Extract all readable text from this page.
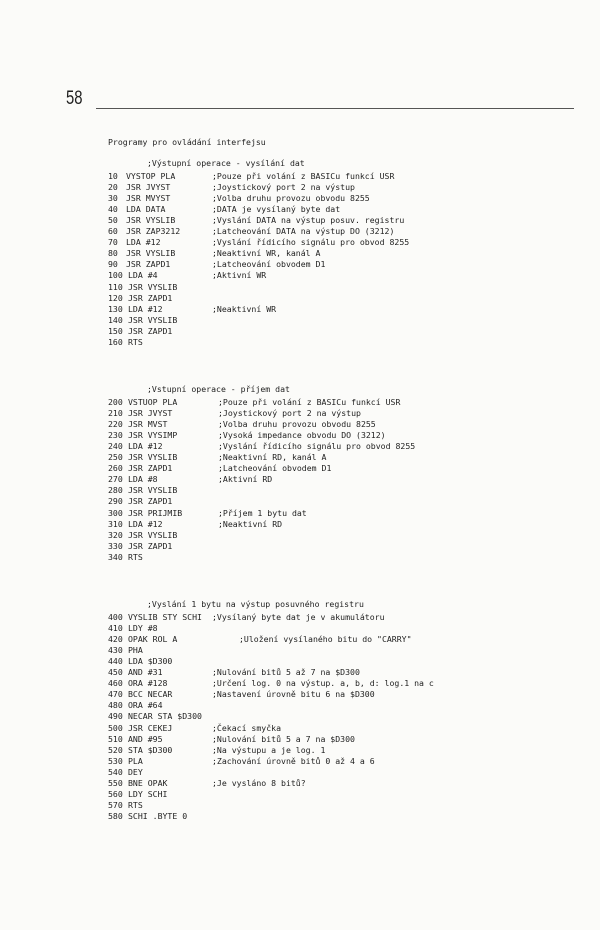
58
Programy pro ovládání interfejsu
;Výstupní operace - vysílání dat
10 VYSTOP PLA	;Pouze při volání z BASICu funkcí USR
20 JSR JVYST	;Joystickový port 2 na výstup
30 JSR MVYST	;Volba druhu provozu obvodu 8255
40 LDA DATA	;DATA je vysílaný byte dat
50 JSR VYSLIB	;Vyslání DATA na výstup posuv. registru
60 JSR ZAP3212	;Latcheování DATA na výstup DO (3212)
70 LDA #12	;Vyslání řídicího signálu pro obvod 8255
80 JSR VYSLIB	;Neaktivní WR, kanál A
90 JSR ZAPD1	;Latcheování obvodem D1
100 LDA #4	;Aktivní WR
110 JSR VYSLIB
120 JSR ZAPD1
130 LDA #12	;Neaktivní WR
140 JSR VYSLIB
150 JSR ZAPD1
160 RTS
;Vstupní operace - příjem dat
200 VSTUOP PLA	;Pouze při volání z BASICu funkcí USR
210 JSR JVYST	;Joystickový port 2 na výstup
220 JSR MVST	;Volba druhu provozu obvodu 8255
230 JSR VYSIMP	;Vysoká impedance obvodu DO (3212)
240 LDA #12	;Vyslání řídicího signálu pro obvod 8255
250 JSR VYSLIB	;Neaktivní RD, kanál A
260 JSR ZAPD1	;Latcheování obvodem D1
270 LDA #8	;Aktivní RD
280 JSR VYSLIB
290 JSR ZAPD1
300 JSR PRIJMIB	;Příjem 1 bytu dat
310 LDA #12	;Neaktivní RD
320 JSR VYSLIB
330 JSR ZAPD1
340 RTS
;Vyslání 1 bytu na výstup posuvného registru
400 VYSLIB STY SCHI ;Vysílaný byte dat je v akumulátoru
410 LDY #8
420 OPAK ROL A	;Uložení vysílaného bitu do "CARRY"
430 PHA
440 LDA $D300
450 AND #31	;Nulování bitů 5 až 7 na $D300
460 ORA #128	;Určení log. 0 na výstup. a, b, d: log.1 na c
470 BCC NECAR	;Nastavení úrovně bitu 6 na $D300
480 ORA #64
490 NECAR STA $D300
500 JSR CEKEJ	;Čekací smyčka
510 AND #95	;Nulování bitů 5 a 7 na $D300
520 STA $D300	;Na výstupu a je log. 1
530 PLA	;Zachování úrovně bitů 0 až 4 a 6
540 DEY
550 BNE OPAK	;Je vysláno 8 bitů?
560 LDY SCHI
570 RTS
580 SCHI .BYTE 0
